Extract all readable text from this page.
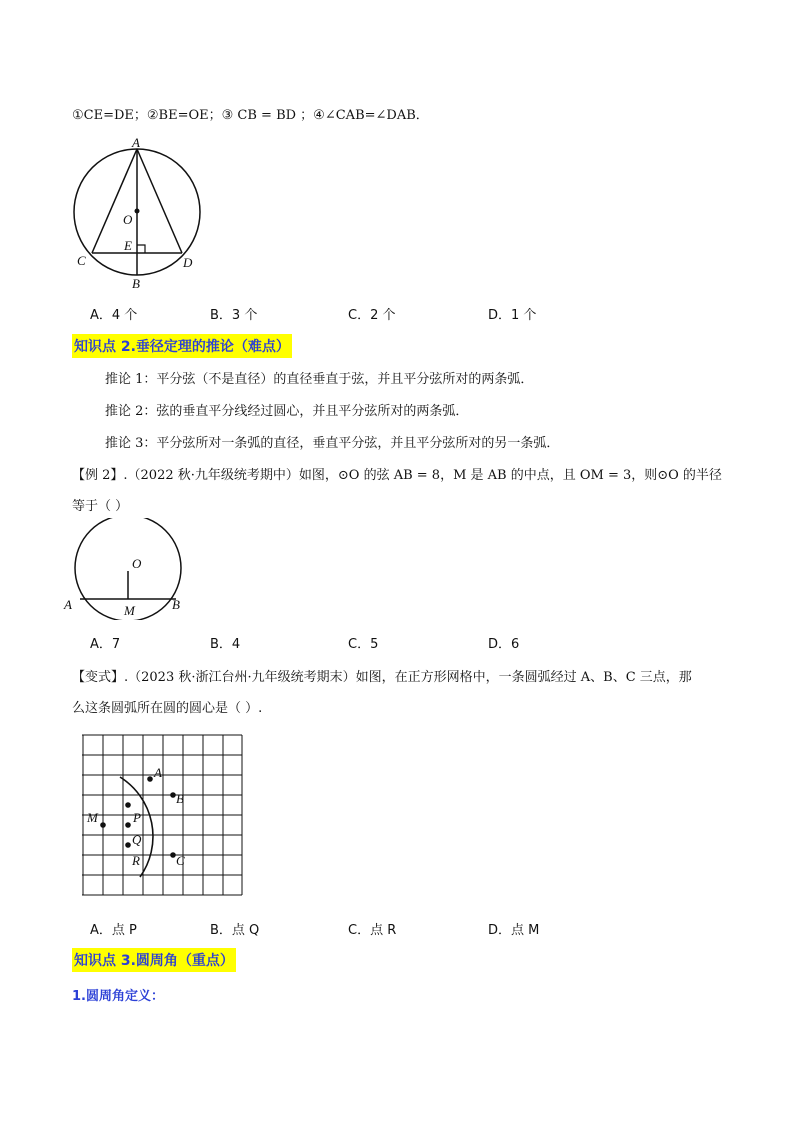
①CE=DE；②BE=OE；③ CB = BD ；④∠CAB=∠DAB．
A
O
E
C	D
B
A．4 个	B．3 个	C．2 个	D．1 个
知识点 2.垂径定理的推论（难点）
推论 1：平分弦（不是直径）的直径垂直于弦，并且平分弦所对的两条弧．
推论 2：弦的垂直平分线经过圆心，并且平分弦所对的两条弧．
推论 3：平分弦所对一条弧的直径，垂直平分弦，并且平分弦所对的另一条弧．
【例 2】.（2022 秋·九年级统考期中）如图，⊙O 的弦 AB = 8，M 是 AB 的中点，且 OM = 3，则⊙O 的半径
等于（ ）
O
A	M	B
A．7	B．4	C．5	D．6
【变式】.（2023 秋·浙江台州·九年级统考期末）如图，在正方形网格中，一条圆弧经过 A、B、C 三点，那
么这条圆弧所在圆的圆心是（ ）.
A
B
C
M	P
Q
R
A．点 P	B．点 Q	C．点 R	D．点 M
知识点 3.圆周角（重点）
1.圆周角定义：
